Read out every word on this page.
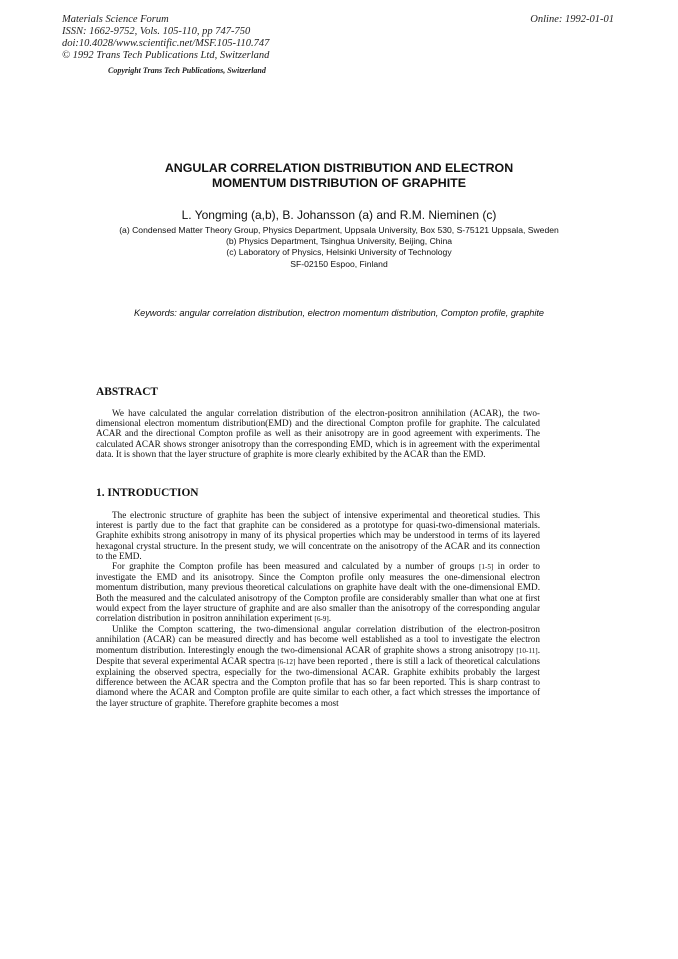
Materials Science Forum
ISSN: 1662-9752, Vols. 105-110, pp 747-750
doi:10.4028/www.scientific.net/MSF.105-110.747
© 1992 Trans Tech Publications Ltd, Switzerland
Online: 1992-01-01
Copyright Trans Tech Publications, Switzerland
ANGULAR CORRELATION DISTRIBUTION AND ELECTRON
MOMENTUM DISTRIBUTION OF GRAPHITE
L. Yongming (a,b), B. Johansson (a) and R.M. Nieminen (c)
(a) Condensed Matter Theory Group, Physics Department, Uppsala University, Box 530, S-75121 Uppsala, Sweden
(b) Physics Department, Tsinghua University, Beijing, China
(c) Laboratory of Physics, Helsinki University of Technology
SF-02150 Espoo, Finland
Keywords: angular correlation distribution, electron momentum distribution, Compton profile, graphite
ABSTRACT

We have calculated the angular correlation distribution of the electron-positron annihilation (ACAR), the two-dimensional electron momentum distribution(EMD) and the directional Compton profile for graphite. The calculated ACAR and the directional Compton profile as well as their anisotropy are in good agreement with experiments. The calculated ACAR shows stronger anisotropy than the corresponding EMD, which is in agreement with the experimental data. It is shown that the layer structure of graphite is more clearly exhibited by the ACAR than the EMD.

1. INTRODUCTION

The electronic structure of graphite has been the subject of intensive experimental and theoretical studies. This interest is partly due to the fact that graphite can be considered as a prototype for quasi-two-dimensional materials. Graphite exhibits strong anisotropy in many of its physical properties which may be understood in terms of its layered hexagonal crystal structure. In the present study, we will concentrate on the anisotropy of the ACAR and its connection to the EMD.

For graphite the Compton profile has been measured and calculated by a number of groups [1-5] in order to investigate the EMD and its anisotropy. Since the Compton profile only measures the one-dimensional electron momentum distribution, many previous theoretical calculations on graphite have dealt with the one-dimensional EMD. Both the measured and the calculated anisotropy of the Compton profile are considerably smaller than what one at first would expect from the layer structure of graphite and are also smaller than the anisotropy of the corresponding angular correlation distribution in positron annihilation experiment [6-9].

Unlike the Compton scattering, the two-dimensional angular correlation distribution of the electron-positron annihilation (ACAR) can be measured directly and has become well established as a tool to investigate the electron momentum distribution. Interestingly enough the two-dimensional ACAR of graphite shows a strong anisotropy [10-11]. Despite that several experimental ACAR spectra [6-12] have been reported , there is still a lack of theoretical calculations explaining the observed spectra, especially for the two-dimensional ACAR. Graphite exhibits probably the largest difference between the ACAR spectra and the Compton profile that has so far been reported. This is sharp contrast to diamond where the ACAR and Compton profile are quite similar to each other, a fact which stresses the importance of the layer structure of graphite. Therefore graphite becomes a most
